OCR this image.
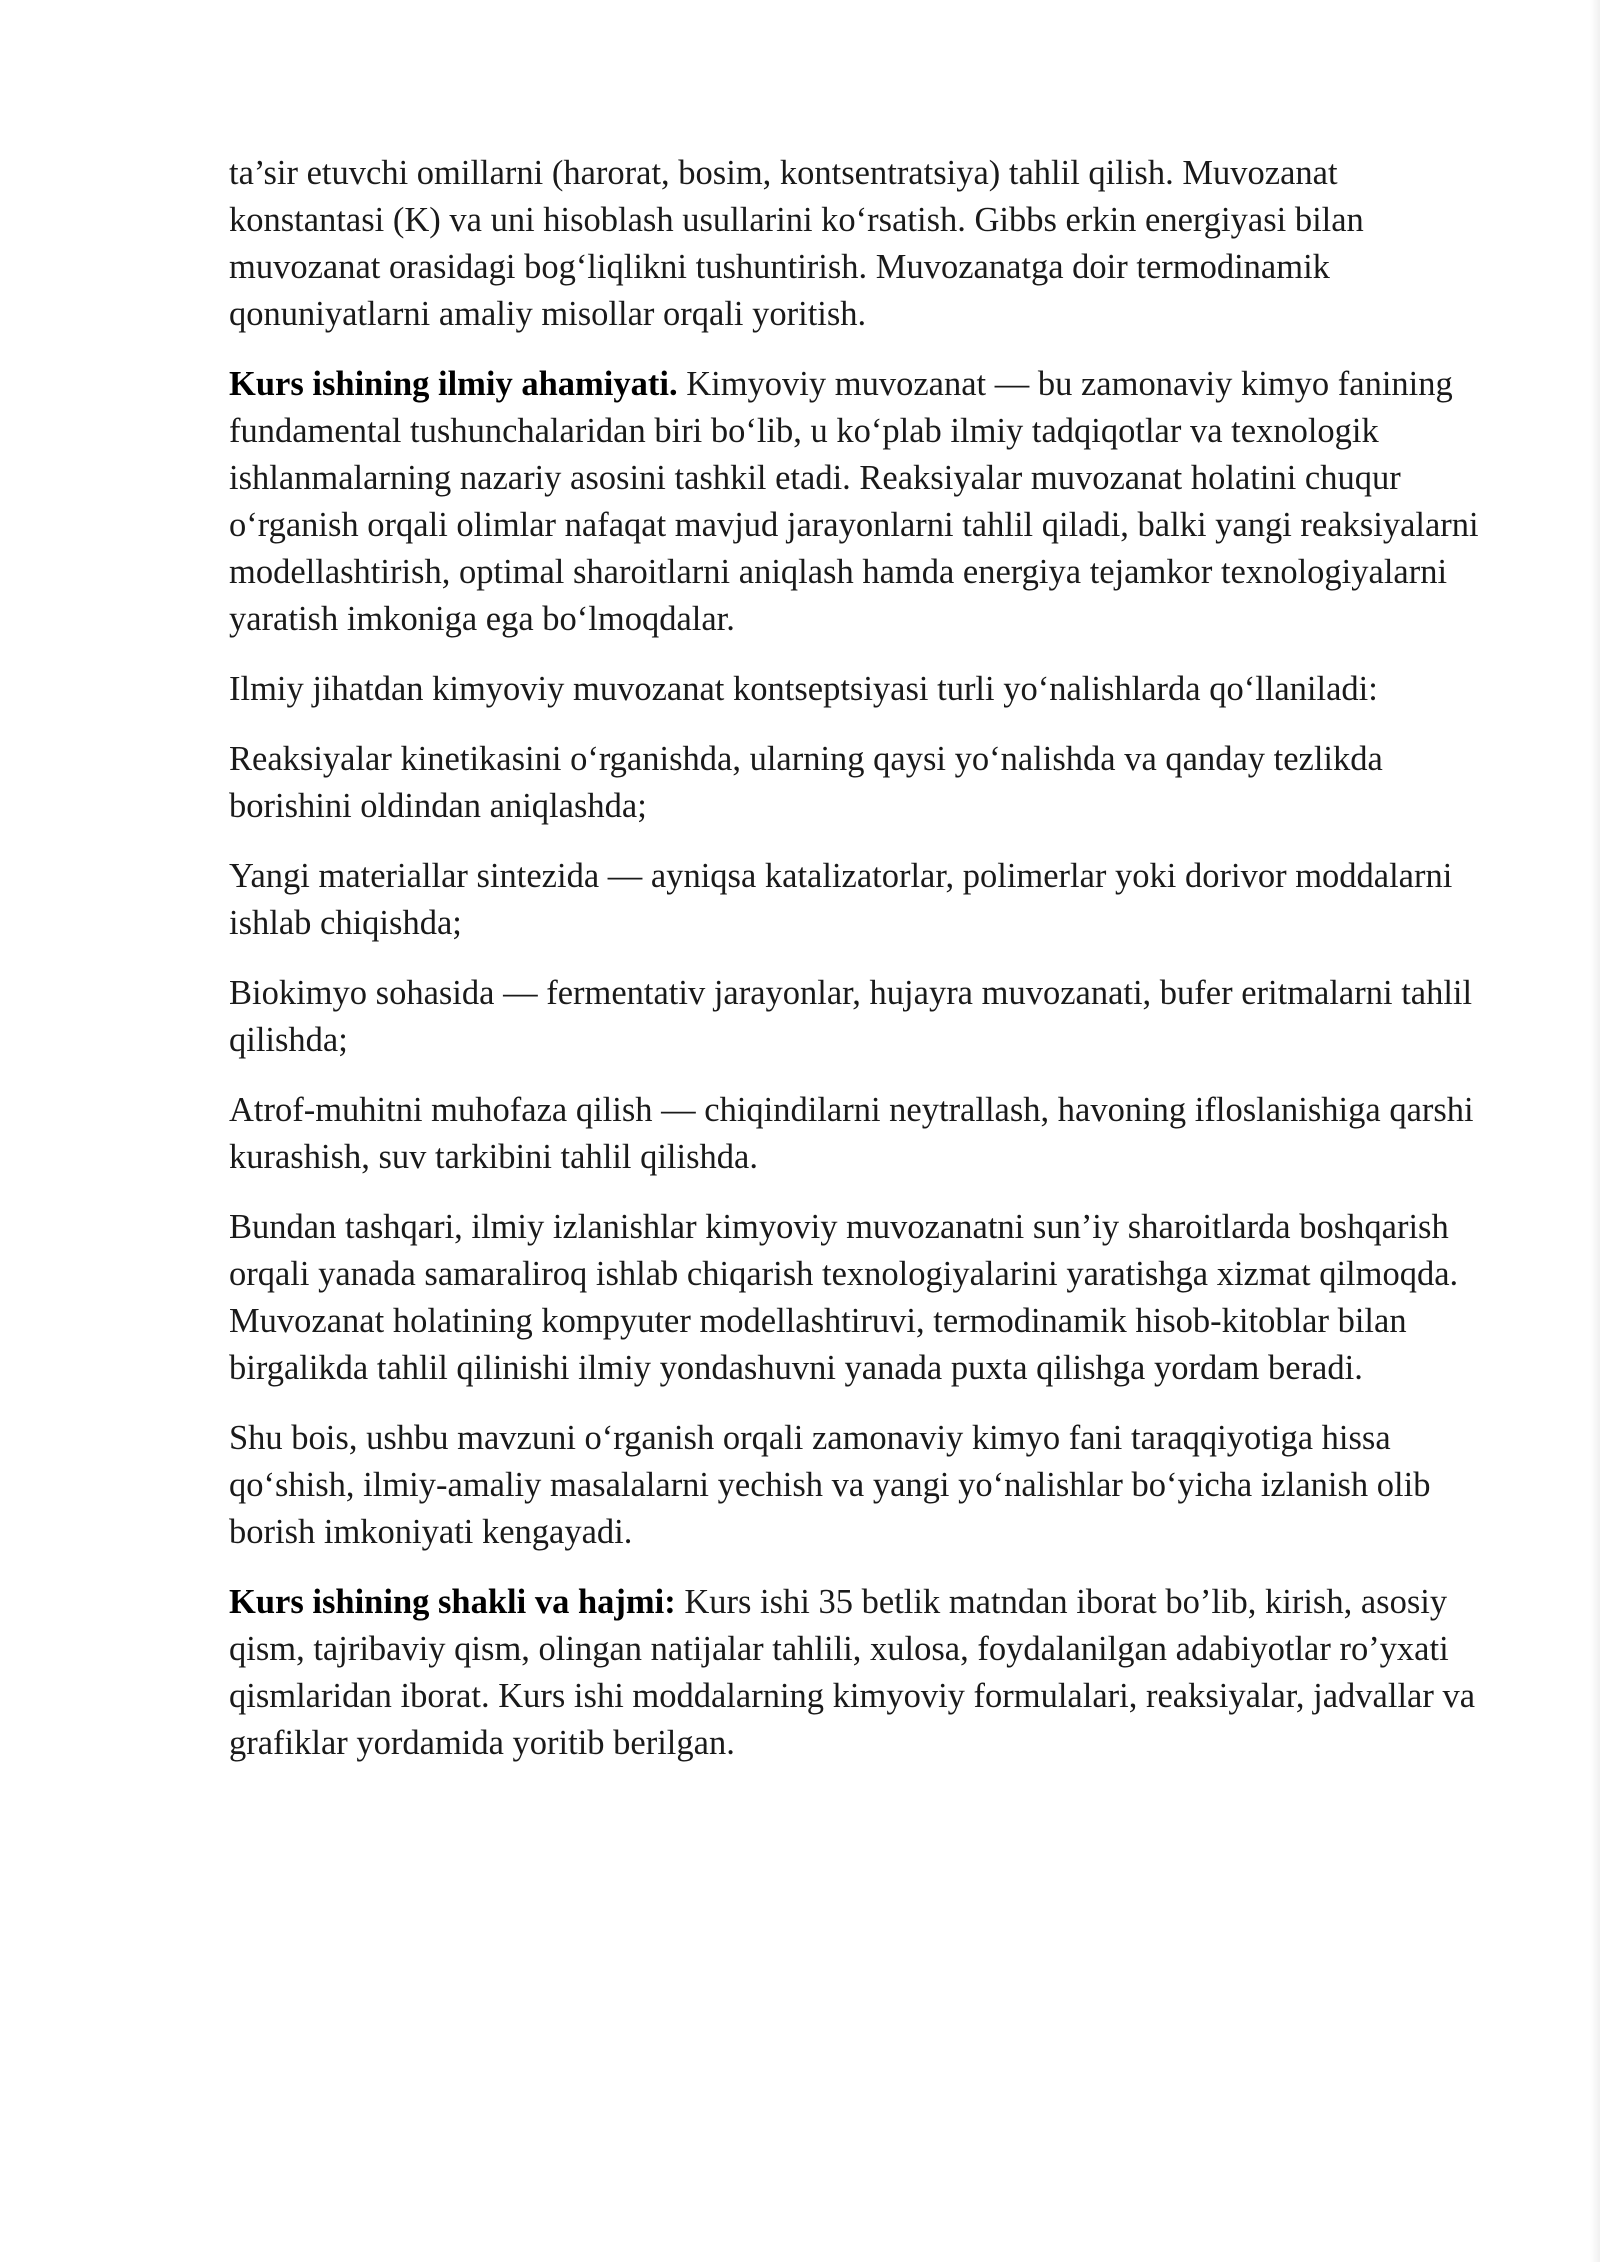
ta’sir etuvchi omillarni (harorat, bosim, kontsentratsiya) tahlil qilish. Muvozanat konstantasi (K) va uni hisoblash usullarini ko‘rsatish. Gibbs erkin energiyasi bilan muvozanat orasidagi bog‘liqlikni tushuntirish. Muvozanatga doir termodinamik qonuniyatlarni amaliy misollar orqali yoritish.

Kurs ishining ilmiy ahamiyati. Kimyoviy muvozanat — bu zamonaviy kimyo fanining fundamental tushunchalaridan biri bo‘lib, u ko‘plab ilmiy tadqiqotlar va texnologik ishlanmalarning nazariy asosini tashkil etadi. Reaksiyalar muvozanat holatini chuqur o‘rganish orqali olimlar nafaqat mavjud jarayonlarni tahlil qiladi, balki yangi reaksiyalarni modellashtirish, optimal sharoitlarni aniqlash hamda energiya tejamkor texnologiyalarni yaratish imkoniga ega bo‘lmoqdalar.

Ilmiy jihatdan kimyoviy muvozanat kontseptsiyasi turli yo‘nalishlarda qo‘llaniladi:

Reaksiyalar kinetikasini o‘rganishda, ularning qaysi yo‘nalishda va qanday tezlikda borishini oldindan aniqlashda;

Yangi materiallar sintezida — ayniqsa katalizatorlar, polimerlar yoki dorivor moddalarni ishlab chiqishda;

Biokimyo sohasida — fermentativ jarayonlar, hujayra muvozanati, bufer eritmalarni tahlil qilishda;

Atrof-muhitni muhofaza qilish — chiqindilarni neytrallash, havoning ifloslanishiga qarshi kurashish, suv tarkibini tahlil qilishda.

Bundan tashqari, ilmiy izlanishlar kimyoviy muvozanatni sun’iy sharoitlarda boshqarish orqali yanada samaraliroq ishlab chiqarish texnologiyalarini yaratishga xizmat qilmoqda. Muvozanat holatining kompyuter modellashtiruvi, termodinamik hisob-kitoblar bilan birgalikda tahlil qilinishi ilmiy yondashuvni yanada puxta qilishga yordam beradi.

Shu bois, ushbu mavzuni o‘rganish orqali zamonaviy kimyo fani taraqqiyotiga hissa qo‘shish, ilmiy-amaliy masalalarni yechish va yangi yo‘nalishlar bo‘yicha izlanish olib borish imkoniyati kengayadi.

Kurs ishining shakli va hajmi: Kurs ishi 35 betlik matndan iborat bo’lib, kirish, asosiy qism, tajribaviy qism, olingan natijalar tahlili, xulosa, foydalanilgan adabiyotlar ro’yxati qismlaridan iborat. Kurs ishi moddalarning kimyoviy formulalari, reaksiyalar, jadvallar va grafiklar yordamida yoritib berilgan.
